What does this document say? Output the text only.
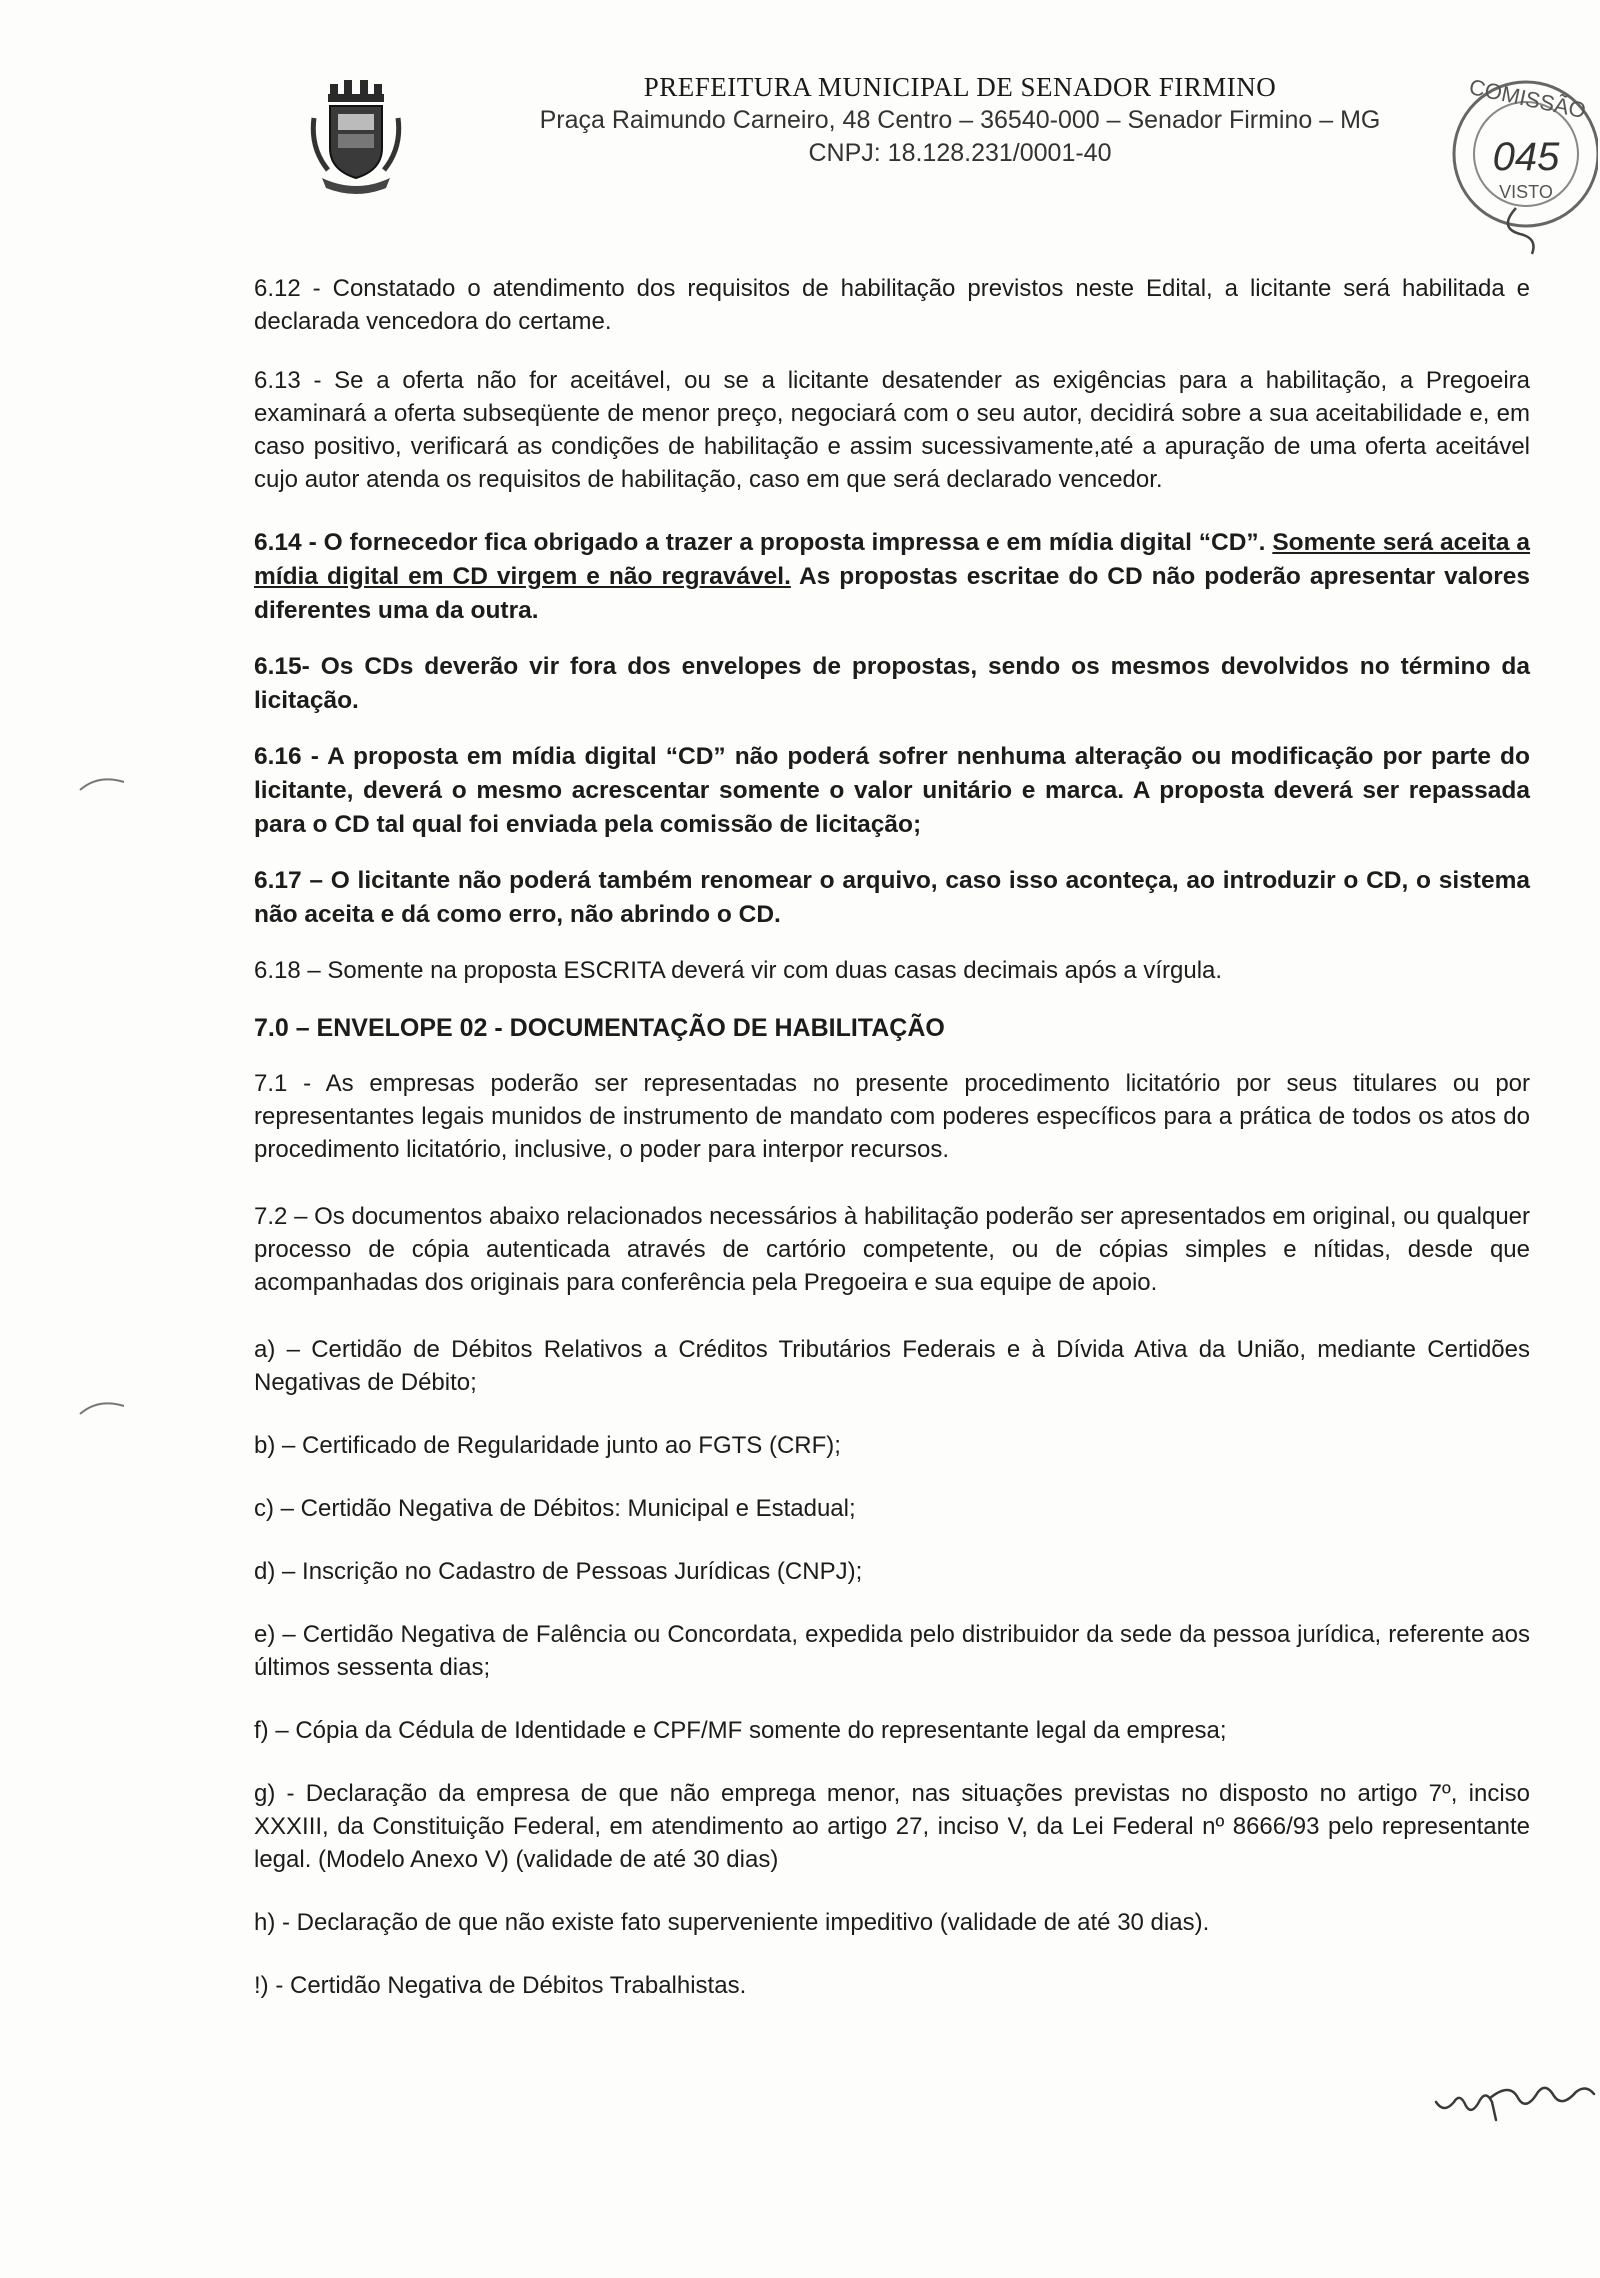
PREFEITURA MUNICIPAL DE SENADOR FIRMINO
Praça Raimundo Carneiro, 48 Centro – 36540-000 – Senador Firmino – MG
CNPJ: 18.128.231/0001-40
COMISSÃO
045
VISTO

6.12 - Constatado o atendimento dos requisitos de habilitação previstos neste Edital, a licitante será habilitada e declarada vencedora do certame.

6.13 - Se a oferta não for aceitável, ou se a licitante desatender as exigências para a habilitação, a Pregoeira examinará a oferta subseqüente de menor preço, negociará com o seu autor, decidirá sobre a sua aceitabilidade e, em caso positivo, verificará as condições de habilitação e assim sucessivamente,até a apuração de uma oferta aceitável cujo autor atenda os requisitos de habilitação, caso em que será declarado vencedor.

6.14 - O fornecedor fica obrigado a trazer a proposta impressa e em mídia digital “CD”. Somente será aceita a mídia digital em CD virgem e não regravável. As propostas escritae do CD não poderão apresentar valores diferentes uma da outra.

6.15- Os CDs deverão vir fora dos envelopes de propostas, sendo os mesmos devolvidos no término da licitação.

6.16 - A proposta em mídia digital “CD” não poderá sofrer nenhuma alteração ou modificação por parte do licitante, deverá o mesmo acrescentar somente o valor unitário e marca. A proposta deverá ser repassada para o CD tal qual foi enviada pela comissão de licitação;

6.17 – O licitante não poderá também renomear o arquivo, caso isso aconteça, ao introduzir o CD, o sistema não aceita e dá como erro, não abrindo o CD.

6.18 – Somente na proposta ESCRITA deverá vir com duas casas decimais após a vírgula.

7.0 – ENVELOPE 02 - DOCUMENTAÇÃO DE HABILITAÇÃO

7.1 - As empresas poderão ser representadas no presente procedimento licitatório por seus titulares ou por representantes legais munidos de instrumento de mandato com poderes específicos para a prática de todos os atos do procedimento licitatório, inclusive, o poder para interpor recursos.

7.2 – Os documentos abaixo relacionados necessários à habilitação poderão ser apresentados em original, ou qualquer processo de cópia autenticada através de cartório competente, ou de cópias simples e nítidas, desde que acompanhadas dos originais para conferência pela Pregoeira e sua equipe de apoio.

a) – Certidão de Débitos Relativos a Créditos Tributários Federais e à Dívida Ativa da União, mediante Certidões Negativas de Débito;

b) – Certificado de Regularidade junto ao FGTS (CRF);

c) – Certidão Negativa de Débitos: Municipal e Estadual;

d) – Inscrição no Cadastro de Pessoas Jurídicas (CNPJ);

e) – Certidão Negativa de Falência ou Concordata, expedida pelo distribuidor da sede da pessoa jurídica, referente aos últimos sessenta dias;

f) – Cópia da Cédula de Identidade e CPF/MF somente do representante legal da empresa;

g) - Declaração da empresa de que não emprega menor, nas situações previstas no disposto no artigo 7º, inciso XXXIII, da Constituição Federal, em atendimento ao artigo 27, inciso V, da Lei Federal nº 8666/93 pelo representante legal. (Modelo Anexo V) (validade de até 30 dias)

h) - Declaração de que não existe fato superveniente impeditivo (validade de até 30 dias).

!) - Certidão Negativa de Débitos Trabalhistas.
